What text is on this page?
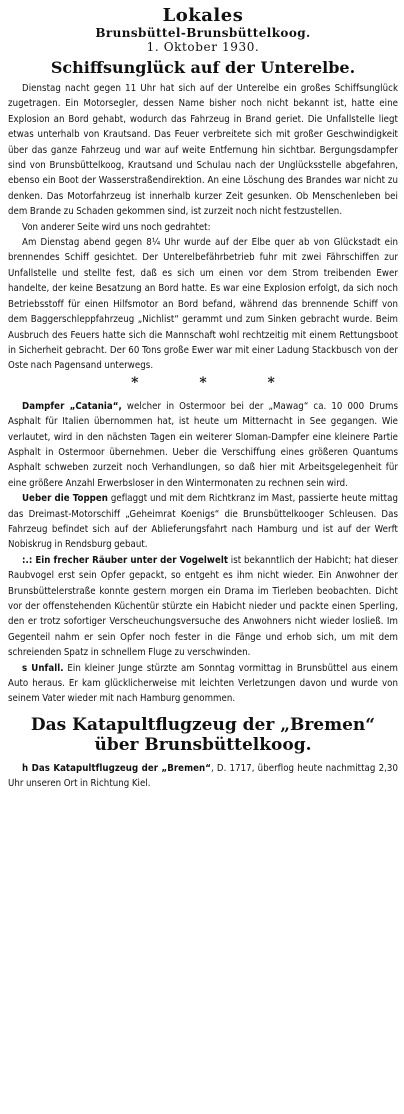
Lokales
Brunsbüttel-Brunsbüttelkoog.
1. Oktober 1930.
Schiffsunglück auf der Unterelbe.

Dienstag nacht gegen 11 Uhr hat sich auf der Unterelbe ein großes Schiffsunglück zugetragen. Ein Motorsegler, dessen Name bisher noch nicht bekannt ist, hatte eine Explosion an Bord gehabt, wodurch das Fahrzeug in Brand geriet. Die Unfallstelle liegt etwas unterhalb von Krautsand. Das Feuer verbreitete sich mit großer Geschwindigkeit über das ganze Fahrzeug und war auf weite Entfernung hin sichtbar. Bergungsdampfer sind von Brunsbüttelkoog, Krautsand und Schulau nach der Unglücksstelle abgefahren, ebenso ein Boot der Wasserstraßendirektion. An eine Löschung des Brandes war nicht zu denken. Das Motorfahrzeug ist innerhalb kurzer Zeit gesunken. Ob Menschenleben bei dem Brande zu Schaden gekommen sind, ist zurzeit noch nicht festzustellen.

Von anderer Seite wird uns noch gedrahtet:

Am Dienstag abend gegen 8¼ Uhr wurde auf der Elbe quer ab von Glückstadt ein brennendes Schiff gesichtet. Der Unterelbefährbetrieb fuhr mit zwei Fährschiffen zur Unfallstelle und stellte fest, daß es sich um einen vor dem Strom treibenden Ewer handelte, der keine Besatzung an Bord hatte. Es war eine Explosion erfolgt, da sich noch Betriebsstoff für einen Hilfsmotor an Bord befand, während das brennende Schiff von dem Baggerschleppfahrzeug „Nichlist“ gerammt und zum Sinken gebracht wurde. Beim Ausbruch des Feuers hatte sich die Mannschaft wohl rechtzeitig mit einem Rettungsboot in Sicherheit gebracht. Der 60 Tons große Ewer war mit einer Ladung Stackbusch von der Oste nach Pagensand unterwegs.

* * *

Dampfer „Catania“, welcher in Ostermoor bei der „Mawag“ ca. 10 000 Drums Asphalt für Italien übernommen hat, ist heute um Mitternacht in See gegangen. Wie verlautet, wird in den nächsten Tagen ein weiterer Sloman-Dampfer eine kleinere Partie Asphalt in Ostermoor übernehmen. Ueber die Verschiffung eines größeren Quantums Asphalt schweben zurzeit noch Verhandlungen, so daß hier mit Arbeitsgelegenheit für eine größere Anzahl Erwerbsloser in den Wintermonaten zu rechnen sein wird.

Ueber die Toppen geflaggt und mit dem Richtkranz im Mast, passierte heute mittag das Dreimast-Motorschiff „Geheimrat Koenigs“ die Brunsbüttelkooger Schleusen. Das Fahrzeug befindet sich auf der Ablieferungsfahrt nach Hamburg und ist auf der Werft Nobiskrug in Rendsburg gebaut.

:.: Ein frecher Räuber unter der Vogelwelt ist bekanntlich der Habicht; hat dieser Raubvogel erst sein Opfer gepackt, so entgeht es ihm nicht wieder. Ein Anwohner der Brunsbüttelerstraße konnte gestern morgen ein Drama im Tierleben beobachten. Dicht vor der offenstehenden Küchentür stürzte ein Habicht nieder und packte einen Sperling, den er trotz sofortiger Verscheuchungsversuche des Anwohners nicht wieder losließ. Im Gegenteil nahm er sein Opfer noch fester in die Fänge und erhob sich, um mit dem schreienden Spatz in schnellem Fluge zu verschwinden.

s Unfall. Ein kleiner Junge stürzte am Sonntag vormittag in Brunsbüttel aus einem Auto heraus. Er kam glücklicherweise mit leichten Verletzungen davon und wurde von seinem Vater wieder mit nach Hamburg genommen.

Das Katapultflugzeug der „Bremen“
über Brunsbüttelkoog.

h Das Katapultflugzeug der „Bremen“, D. 1717, überflog heute nachmittag 2,30 Uhr unseren Ort in Richtung Kiel.
